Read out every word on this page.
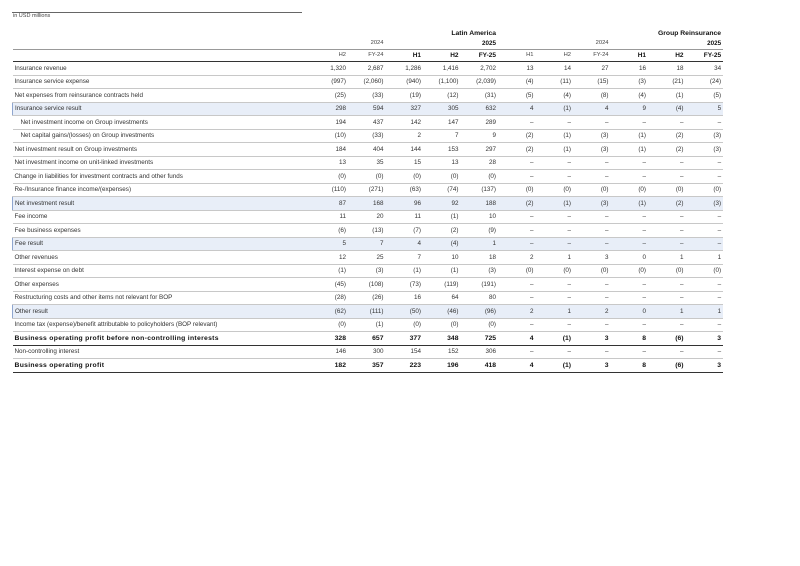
in USD millions
	Latin America					Group Reinsurance					
	2024		2025			2024			2025		
	H2	FY-24	H1	H2	FY-25	H1	H2	FY-24	H1	H2	FY-25
Insurance revenue	1,320	2,687	1,286	1,416	2,702	13	14	27	16	18	34
Insurance service expense	(997)	(2,060)	(940)	(1,100)	(2,039)	(4)	(11)	(15)	(3)	(21)	(24)
Net expenses from reinsurance contracts held	(25)	(33)	(19)	(12)	(31)	(5)	(4)	(8)	(4)	(1)	(5)
Insurance service result	298	594	327	305	632	4	(1)	4	9	(4)	5
Net investment income on Group investments	194	437	142	147	289	–	–	–	–	–	–
Net capital gains/(losses) on Group investments	(10)	(33)	2	7	9	(2)	(1)	(3)	(1)	(2)	(3)
Net investment result on Group investments	184	404	144	153	297	(2)	(1)	(3)	(1)	(2)	(3)
Net investment income on unit-linked investments	13	35	15	13	28	–	–	–	–	–	–
Change in liabilities for investment contracts and other funds	(0)	(0)	(0)	(0)	(0)	–	–	–	–	–	–
Re-/Insurance finance income/(expenses)	(110)	(271)	(63)	(74)	(137)	(0)	(0)	(0)	(0)	(0)	(0)
Net investment result	87	168	96	92	188	(2)	(1)	(3)	(1)	(2)	(3)
Fee income	11	20	11	(1)	10	–	–	–	–	–	–
Fee business expenses	(6)	(13)	(7)	(2)	(9)	–	–	–	–	–	–
Fee result	5	7	4	(4)	1	–	–	–	–	–	–
Other revenues	12	25	7	10	18	2	1	3	0	1	1
Interest expense on debt	(1)	(3)	(1)	(1)	(3)	(0)	(0)	(0)	(0)	(0)	(0)
Other expenses	(45)	(108)	(73)	(119)	(191)	–	–	–	–	–	–
Restructuring costs and other items not relevant for BOP	(28)	(26)	16	64	80	–	–	–	–	–	–
Other result	(62)	(111)	(50)	(46)	(96)	2	1	2	0	1	1
Income tax (expense)/benefit attributable to policyholders (BOP relevant)	(0)	(1)	(0)	(0)	(0)	–	–	–	–	–	–
Business operating profit before non-controlling interests	328	657	377	348	725	4	(1)	3	8	(6)	3
Non-controlling interest	146	300	154	152	306	–	–	–	–	–	–
Business operating profit	182	357	223	196	418	4	(1)	3	8	(6)	3
